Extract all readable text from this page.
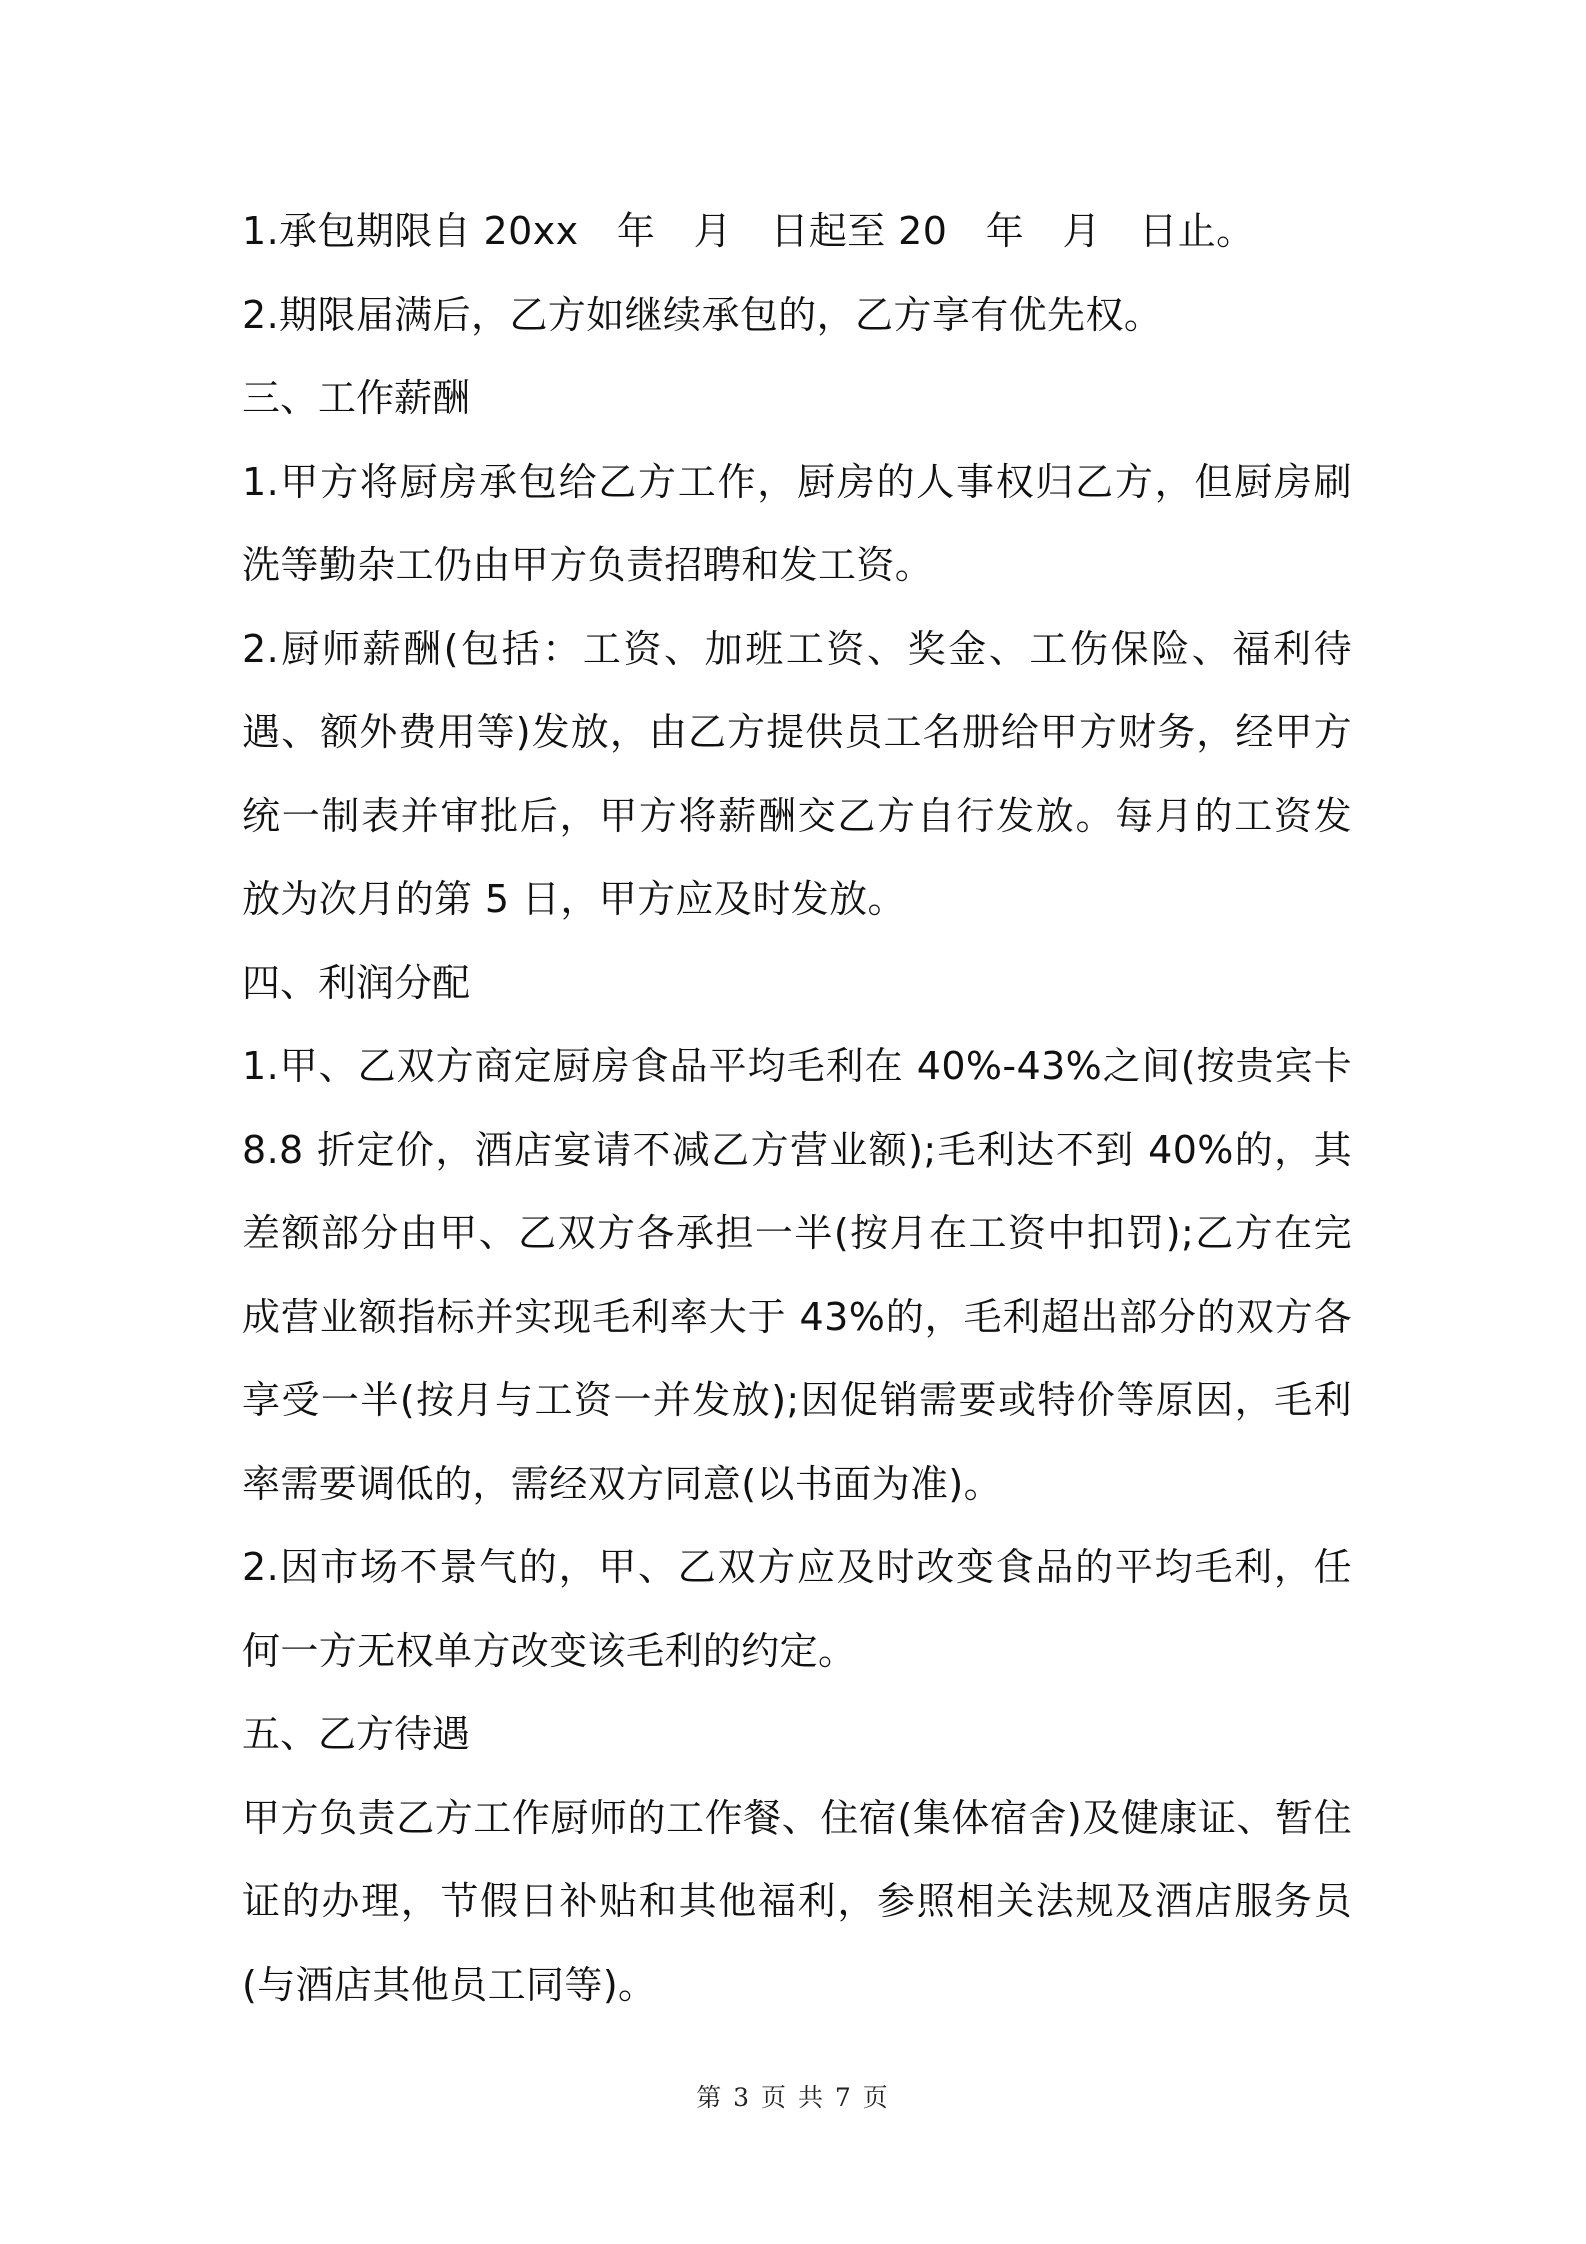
1.承包期限自 20xx　年　月　日起至 20　年　月　日止。

2.期限届满后，乙方如继续承包的，乙方享有优先权。

三、工作薪酬

1.甲方将厨房承包给乙方工作，厨房的人事权归乙方，但厨房刷洗等勤杂工仍由甲方负责招聘和发工资。

2.厨师薪酬(包括：工资、加班工资、奖金、工伤保险、福利待遇、额外费用等)发放，由乙方提供员工名册给甲方财务，经甲方统一制表并审批后，甲方将薪酬交乙方自行发放。每月的工资发放为次月的第 5 日，甲方应及时发放。

四、利润分配

1.甲、乙双方商定厨房食品平均毛利在 40%-43%之间(按贵宾卡 8.8 折定价，酒店宴请不减乙方营业额);毛利达不到 40%的，其差额部分由甲、乙双方各承担一半(按月在工资中扣罚);乙方在完成营业额指标并实现毛利率大于 43%的，毛利超出部分的双方各享受一半(按月与工资一并发放);因促销需要或特价等原因，毛利率需要调低的，需经双方同意(以书面为准)。

2.因市场不景气的，甲、乙双方应及时改变食品的平均毛利，任何一方无权单方改变该毛利的约定。

五、乙方待遇

甲方负责乙方工作厨师的工作餐、住宿(集体宿舍)及健康证、暂住证的办理，节假日补贴和其他福利，参照相关法规及酒店服务员(与酒店其他员工同等)。

第 3 页 共 7 页
